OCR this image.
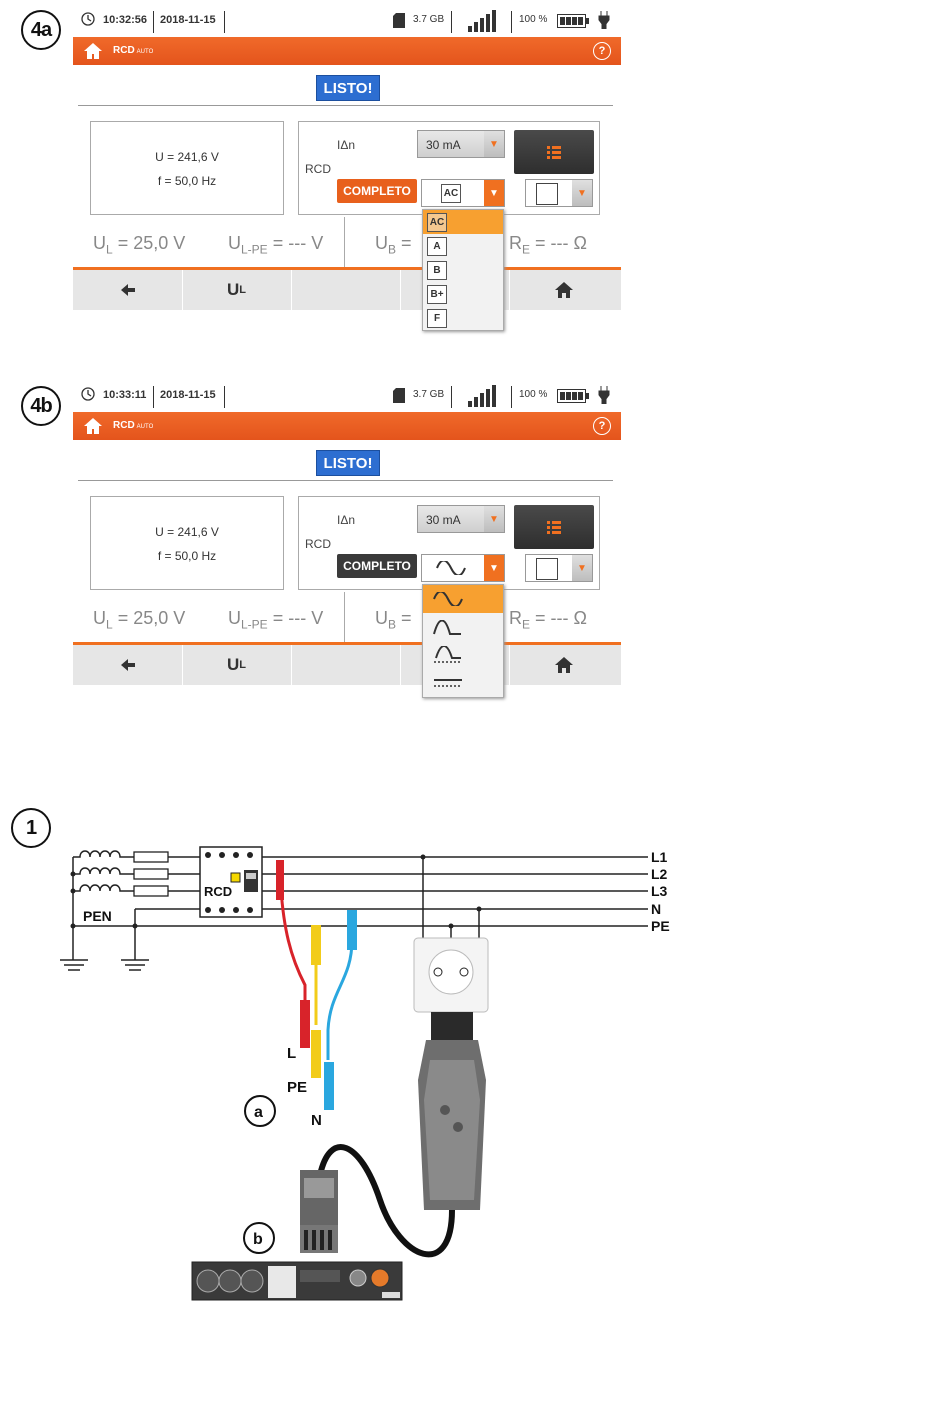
4a
4b
1
10:32:56 2018-11-15	3.7 GB	100 %
RCD AUTO	?
LISTO!
U = 241,6 V
f = 50,0 Hz
IΔn
RCD
30 mA	▼
COMPLETO	AC	▼	▼
$U_L = 25,0$ V $U_{L-PE}$ = --- V	$U_B$ =	$R_E$ = --- Ω
U L
AC
A
B
B+
F
10:33:11 2018-11-15	3.7 GB	100 %
RCD AUTO	?
LISTO!
U = 241,6 V
f = 50,0 Hz
IΔn
RCD
30 mA	▼
COMPLETO	▼	▼
$U_L = 25,0$ V $U_{L-PE}$ = --- V	$U_B$ =	$R_E$ = --- Ω
U L
PEN
RCD
L1
L2
L3
N
PE
L
PE
N
a
b
